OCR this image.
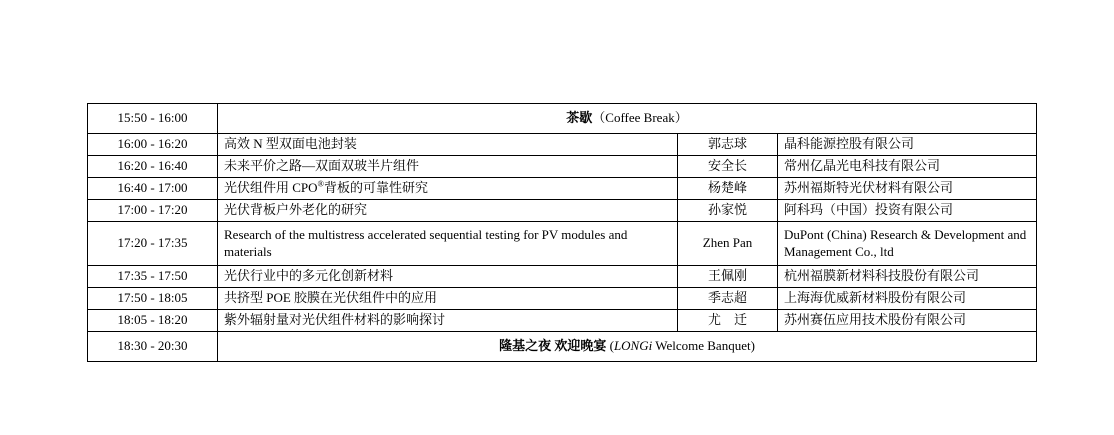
15:50 - 16:00	茶歇（Coffee Break）		
16:00 - 16:20	高效 N 型双面电池封装	郭志球	晶科能源控股有限公司
16:20 - 16:40	未来平价之路—双面双玻半片组件	安全长	常州亿晶光电科技有限公司
16:40 - 17:00	光伏组件用 CPO®背板的可靠性研究	杨楚峰	苏州福斯特光伏材料有限公司
17:00 - 17:20	光伏背板户外老化的研究	孙家悦	阿科玛（中国）投资有限公司
17:20 - 17:35	Research of the multistress accelerated sequential testing for PV modules and materials	Zhen Pan	DuPont (China) Research & Development and Management Co., ltd
17:35 - 17:50	光伏行业中的多元化创新材料	王佩刚	杭州福膜新材料科技股份有限公司
17:50 - 18:05	共挤型 POE 胶膜在光伏组件中的应用	季志超	上海海优威新材料股份有限公司
18:05 - 18:20	紫外辐射量对光伏组件材料的影响探讨	尤　迁	苏州赛伍应用技术股份有限公司
18:30 - 20:30	隆基之夜 欢迎晚宴 (LONGi Welcome Banquet)		
